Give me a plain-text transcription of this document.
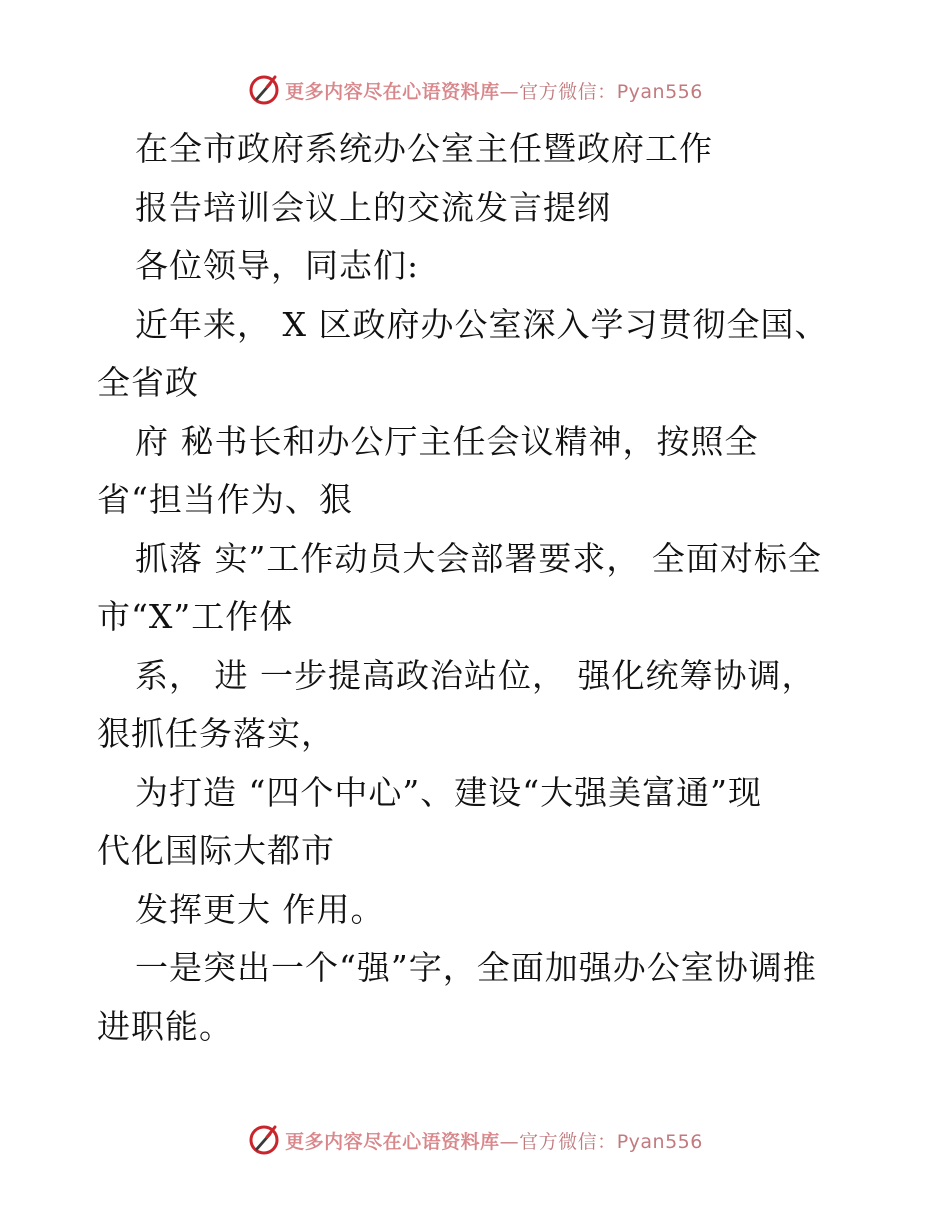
更多内容尽在心语资料库—官方微信：Pyan556
在全市政府系统办公室主任暨政府工作
报告培训会议上的交流发言提纲
各位领导，同志们:
近年来， X 区政府办公室深入学习贯彻全国、
全省政
府 秘书长和办公厅主任会议精神，按照全
省“担当作为、狠
抓落 实”工作动员大会部署要求， 全面对标全
市“X”工作体
系， 进 一步提高政治站位， 强化统筹协调，
狠抓任务落实，
为打造 “四个中心”、建设“大强美富通”现
代化国际大都市
发挥更大 作用。
一是突出一个“强”字，全面加强办公室协调推
进职能。
更多内容尽在心语资料库—官方微信：Pyan556
